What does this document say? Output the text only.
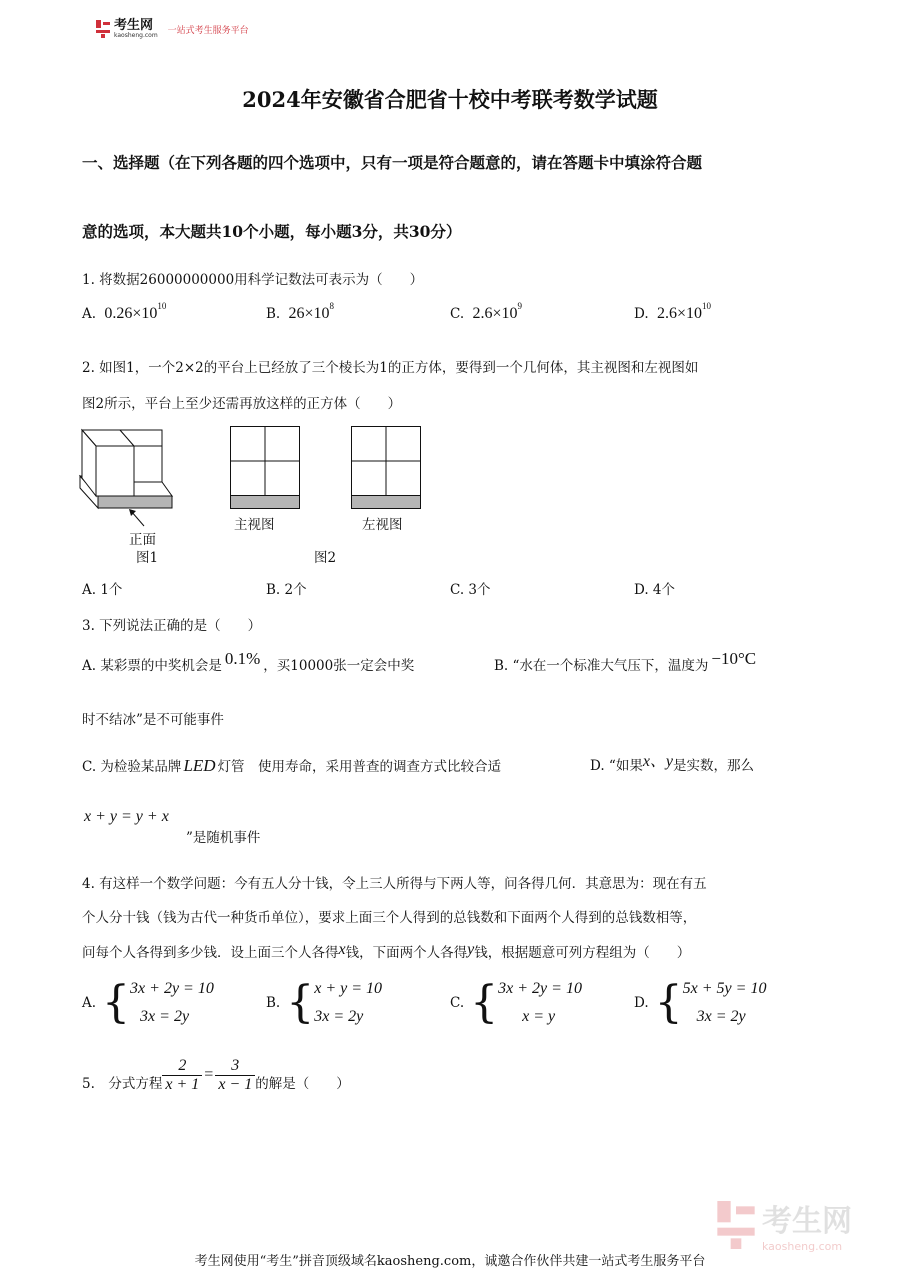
考生网
kaosheng.com 一站式考生服务平台
2024年安徽省合肥省十校中考联考数学试题
一、选择题（在下列各题的四个选项中，只有一项是符合题意的，请在答题卡中填涂符合题
意的选项，本大题共10个小题，每小题3分，共30分）
1. 将数据26000000000用科学记数法可表示为（　　）
A. $0.26\times 10^{10}$	B. $26\times 10^8$	C. $2.6\times 10^9$	D. $2.6\times 10^{10}$
2. 如图1，一个2×2的平台上已经放了三个棱长为1的正方体，要得到一个几何体，其主视图和左视图如
图2所示，平台上至少还需再放这样的正方体（　　）
正面
图1
主视图	左视图
图2
A. 1个	B. 2个	C. 3个	D. 4个
3. 下列说法正确的是（　　）
A. 某彩票的中奖机会是 0.1% ，买10000张一定会中奖	B. “水在一个标准大气压下，温度为 −10°C
时不结冰”是不可能事件
C. 为检验某品牌 LED 灯管　使用寿命，采用普查的调查方式比较合适	D. “如果x、y是实数，那么
x + y = y + x
”是随机事件
4. 有这样一个数学问题：今有五人分十钱，令上三人所得与下两人等，问各得几何．其意思为：现在有五
个人分十钱（钱为古代一种货币单位），要求上面三个人得到的总钱数和下面两个人得到的总钱数相等，
问每个人各得到多少钱．设上面三个人各得x钱，下面两个人各得y钱，根据题意可列方程组为（　　）
A. { 3x + 2y = 10
3x = 2y
B. { x + y = 10
3x = 2y
C. { 3x + 2y = 10
x = y
D. { 5x + 5y = 10
3x = 2y
5.　分式方程 $\frac{2}{x + 1} = \frac{3}{x - 1}$ 的解是（　　）
考生网
kaosheng.com
考生网使用“考生”拼音顶级域名kaosheng.com，诚邀合作伙伴共建一站式考生服务平台
